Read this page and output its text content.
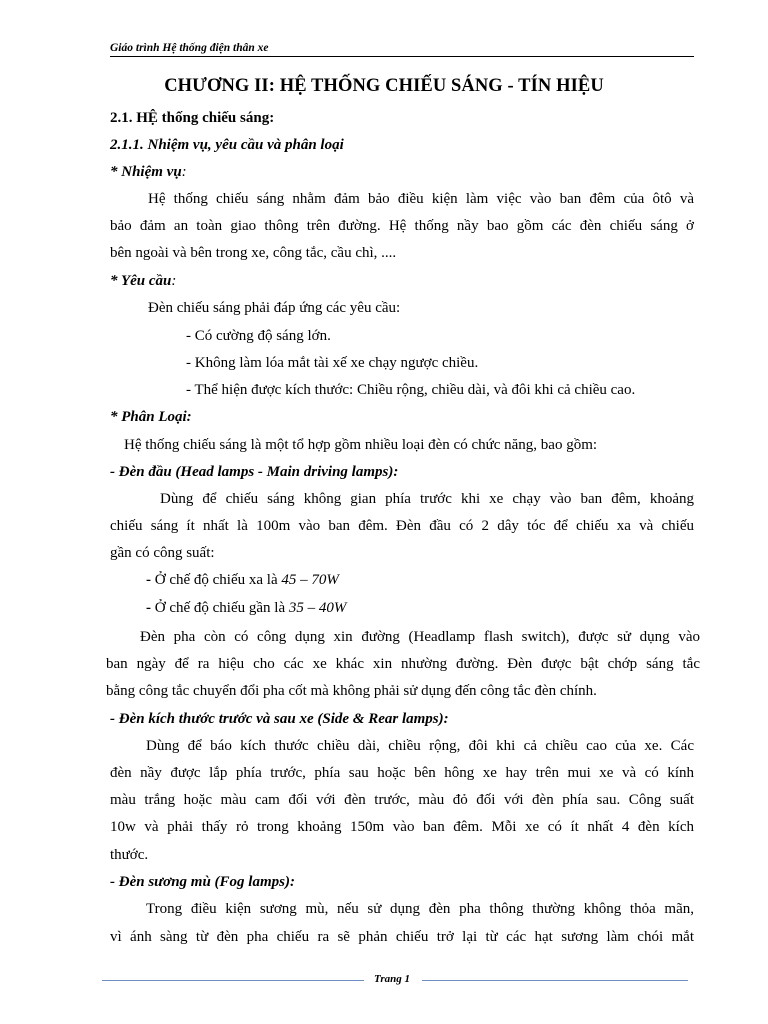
Giáo trình Hệ thống điện thân xe
CHƯƠNG II: HỆ THỐNG CHIẾU SÁNG - TÍN HIỆU
2.1. HỆ thống chiếu sáng:
2.1.1. Nhiệm vụ, yêu cầu và phân loại
* Nhiệm vụ:
Hệ thống chiếu sáng nhằm đảm bảo điều kiện làm việc vào ban đêm của ôtô và
bảo đảm an toàn giao thông trên đường. Hệ thống nầy bao gồm các đèn chiếu sáng ở
bên ngoài và bên trong xe, công tắc, cầu chì, ....
* Yêu cầu:
Đèn chiếu sáng phải đáp ứng các yêu cầu:
- Có cường độ sáng lớn.
- Không làm lóa mắt tài xế xe chạy ngược chiều.
- Thể hiện được kích thước: Chiều rộng, chiều dài, và đôi khi cả chiều cao.
* Phân Loại:
Hệ thống chiếu sáng là một tổ hợp gồm nhiều loại đèn có chức năng, bao gồm:
- Đèn đầu (Head lamps - Main driving lamps):
Dùng để chiếu sáng không gian phía trước khi xe chạy vào ban đêm, khoảng
chiếu sáng ít nhất là 100m vào ban đêm. Đèn đầu có 2 dây tóc để chiếu xa và chiếu
gần có công suất:
- Ở chế độ chiếu xa là 45 – 70W
- Ở chế độ chiếu gần là 35 – 40W
Đèn pha còn có công dụng xin đường (Headlamp flash switch), được sử dụng vào
ban ngày để ra hiệu cho các xe khác xin nhường đường. Đèn được bật chớp sáng tắc
bằng công tắc chuyển đổi pha cốt mà không phải sử dụng đến công tắc đèn chính.
- Đèn kích thước trước và sau xe (Side & Rear lamps):
Dùng để báo kích thước chiều dài, chiều rộng, đôi khi cả chiều cao của xe. Các
đèn nầy được lắp phía trước, phía sau hoặc bên hông xe hay trên mui xe và có kính
màu trắng hoặc màu cam đối với đèn trước, màu đỏ đối với đèn phía sau. Công suất
10w và phải thấy rỏ trong khoảng 150m vào ban đêm. Mỗi xe có ít nhất 4 đèn kích
thước.
- Đèn sương mù (Fog lamps):
Trong điều kiện sương mù, nếu sử dụng đèn pha thông thường không thỏa mãn,
vì ánh sàng từ đèn pha chiếu ra sẽ phản chiếu trở lại từ các hạt sương làm chói mắt
Trang 1
